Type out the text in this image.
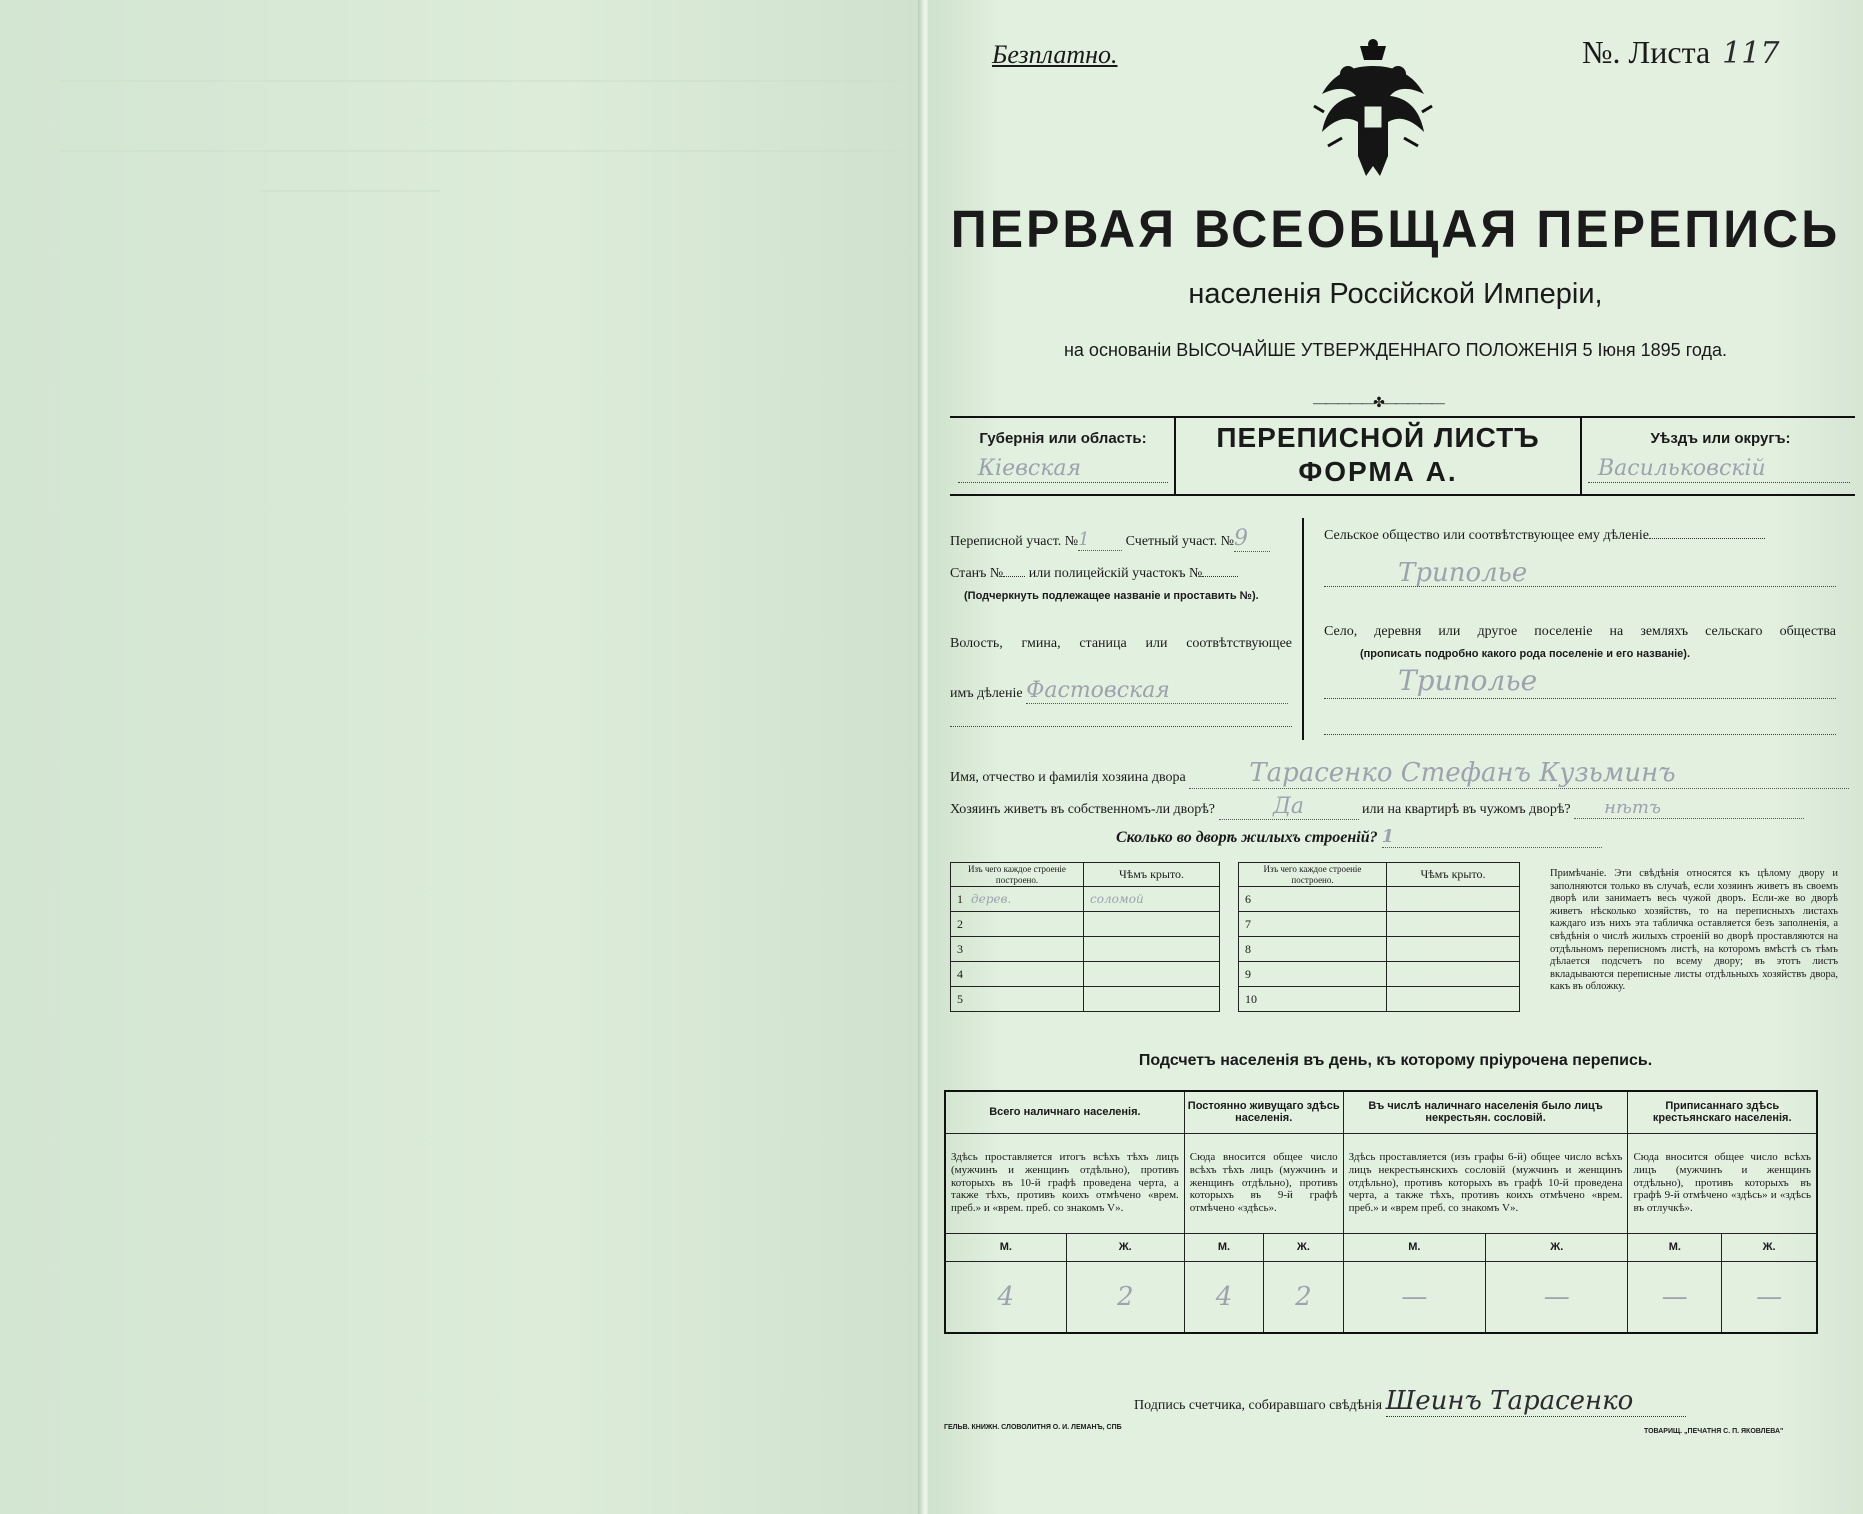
Безплатно.	№. Листа 117
ПЕРВАЯ ВСЕОБЩАЯ ПЕРЕПИСЬ
населенія Россійской Имперіи,
на основаніи ВЫСОЧАЙШЕ УТВЕРЖДЕННАГО ПОЛОЖЕНІЯ 5 Іюня 1895 года.
—————✤—————
Губернія или область:
Кіевская
ПЕРЕПИСНОЙ ЛИСТЪ
ФОРМА А.
Уѣздъ или округъ:
Васильковскій
Переписной участ. №1	Счетный участ. №9
Станъ № или полицейскій участокъ №
(Подчеркнуть подлежащее названіе и проставить №).
Волость, гмина, станица или соотвѣтствующее
имъ дѣленіе Фастовская
Сельское общество или соотвѣтствующее ему дѣленіе
Триполье
Село, деревня или другое поселеніе на земляхъ сельскаго общества
(прописать подробно какого рода поселеніе и его названіе).
Триполье
Имя, отчество и фамилія хозяина двора Тарасенко Стефанъ Кузьминъ
Хозяинъ живетъ въ собственномъ-ли дворѣ?	Да	или на квартирѣ въ чужомъ дворѣ? нѣтъ
Сколько во дворѣ жилыхъ строеній? 1
Изъ чего каждое строеніе построено.	Чѣмъ крыто.
1 дерев.	соломой
2	
3	
4	
5	
Изъ чего каждое строеніе построено.	Чѣмъ крыто.
6	
7	
8	
9	
10	
Примѣчаніе. Эти свѣдѣнія относятся къ цѣлому двору и заполняются только въ случаѣ, если хозяинъ живетъ въ своемъ дворѣ или занимаетъ весь чужой дворъ. Если-же во дворѣ живетъ нѣсколько хозяйствъ, то на переписныхъ листахъ каждаго изъ нихъ эта табличка оставляется безъ заполненія, а свѣдѣнія о числѣ жилыхъ строеній во дворѣ проставляются на отдѣльномъ переписномъ листѣ, на которомъ вмѣстѣ съ тѣмъ дѣлается подсчетъ по всему двору; въ этотъ листъ вкладываются переписные листы отдѣльныхъ хозяйствъ двора, какъ въ обложку.
Подсчетъ населенія въ день, къ которому пріурочена перепись.
Всего наличнаго населенія.		Постоянно живущаго здѣсь населенія.		Въ числѣ наличнаго населенія было лицъ некрестьян. сословій.		Приписаннаго здѣсь крестьянскаго населенія.	
Здѣсь проставляется итогъ всѣхъ тѣхъ лицъ (мужчинъ и женщинъ отдѣльно), противъ которыхъ въ 10-й графѣ проведена черта, а также тѣхъ, противъ коихъ отмѣчено «врем. преб.» и «врем. преб. со знакомъ V».		Сюда вносится общее число всѣхъ тѣхъ лицъ (мужчинъ и женщинъ отдѣльно), противъ которыхъ въ 9-й графѣ отмѣчено «здѣсь».		Здѣсь проставляется (изъ графы 6-й) общее число всѣхъ лицъ некрестьянскихъ сословій (мужчинъ и женщинъ отдѣльно), противъ которыхъ въ графѣ 10-й проведена черта, а также тѣхъ, противъ коихъ отмѣчено «врем. преб.» и «врем преб. со знакомъ V».		Сюда вносится общее число всѣхъ лицъ (мужчинъ и женщинъ отдѣльно), противъ которыхъ въ графѣ 9-й отмѣчено «здѣсь» и «здѣсь въ отлучкѣ».	
М.	Ж.	М.	Ж.	М.	Ж.	М.	Ж.
4	2	4	2	—	—	—	—
Подпись счетчика, собиравшаго свѣдѣнія Шеинъ Тарасенко
ГЕЛЬВ. КНИЖН. СЛОВОЛИТНЯ О. И. ЛЕМАНЪ, СПБ
ТОВАРИЩ. „ПЕЧАТНЯ С. П. ЯКОВЛЕВА"
